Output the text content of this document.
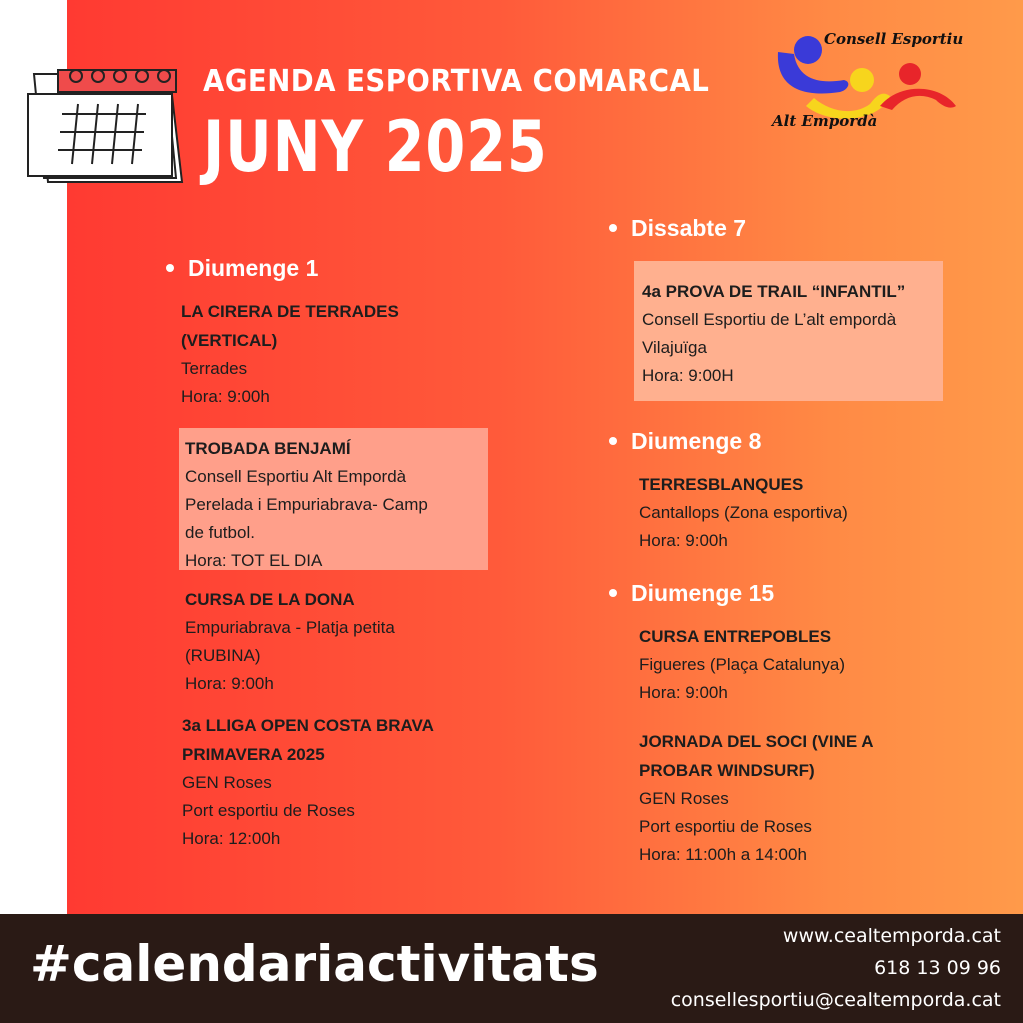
AGENDA ESPORTIVA COMARCAL
JUNY 2025
Consell Esportiu
Alt Empordà
Diumenge 1
LA CIRERA DE TERRADES
(VERTICAL)
Terrades
Hora: 9:00h
TROBADA BENJAMÍ
Consell Esportiu Alt Empordà
Perelada i Empuriabrava- Camp
de futbol.
Hora: TOT EL DIA
CURSA DE LA DONA
Empuriabrava - Platja petita
(RUBINA)
Hora: 9:00h
3a LLIGA OPEN COSTA BRAVA
PRIMAVERA 2025
GEN Roses
Port esportiu de Roses
Hora: 12:00h
Dissabte 7
4a PROVA DE TRAIL “INFANTIL”
Consell Esportiu de L’alt empordà
Vilajuïga
Hora: 9:00H
Diumenge 8
TERRESBLANQUES
Cantallops (Zona esportiva)
Hora: 9:00h
Diumenge 15
CURSA ENTREPOBLES
Figueres (Plaça Catalunya)
Hora: 9:00h
JORNADA DEL SOCI (VINE A
PROBAR WINDSURF)
GEN Roses
Port esportiu de Roses
Hora: 11:00h a 14:00h
#calendariactivitats	www.cealtemporda.cat
618 13 09 96
consellesportiu@cealtemporda.cat
